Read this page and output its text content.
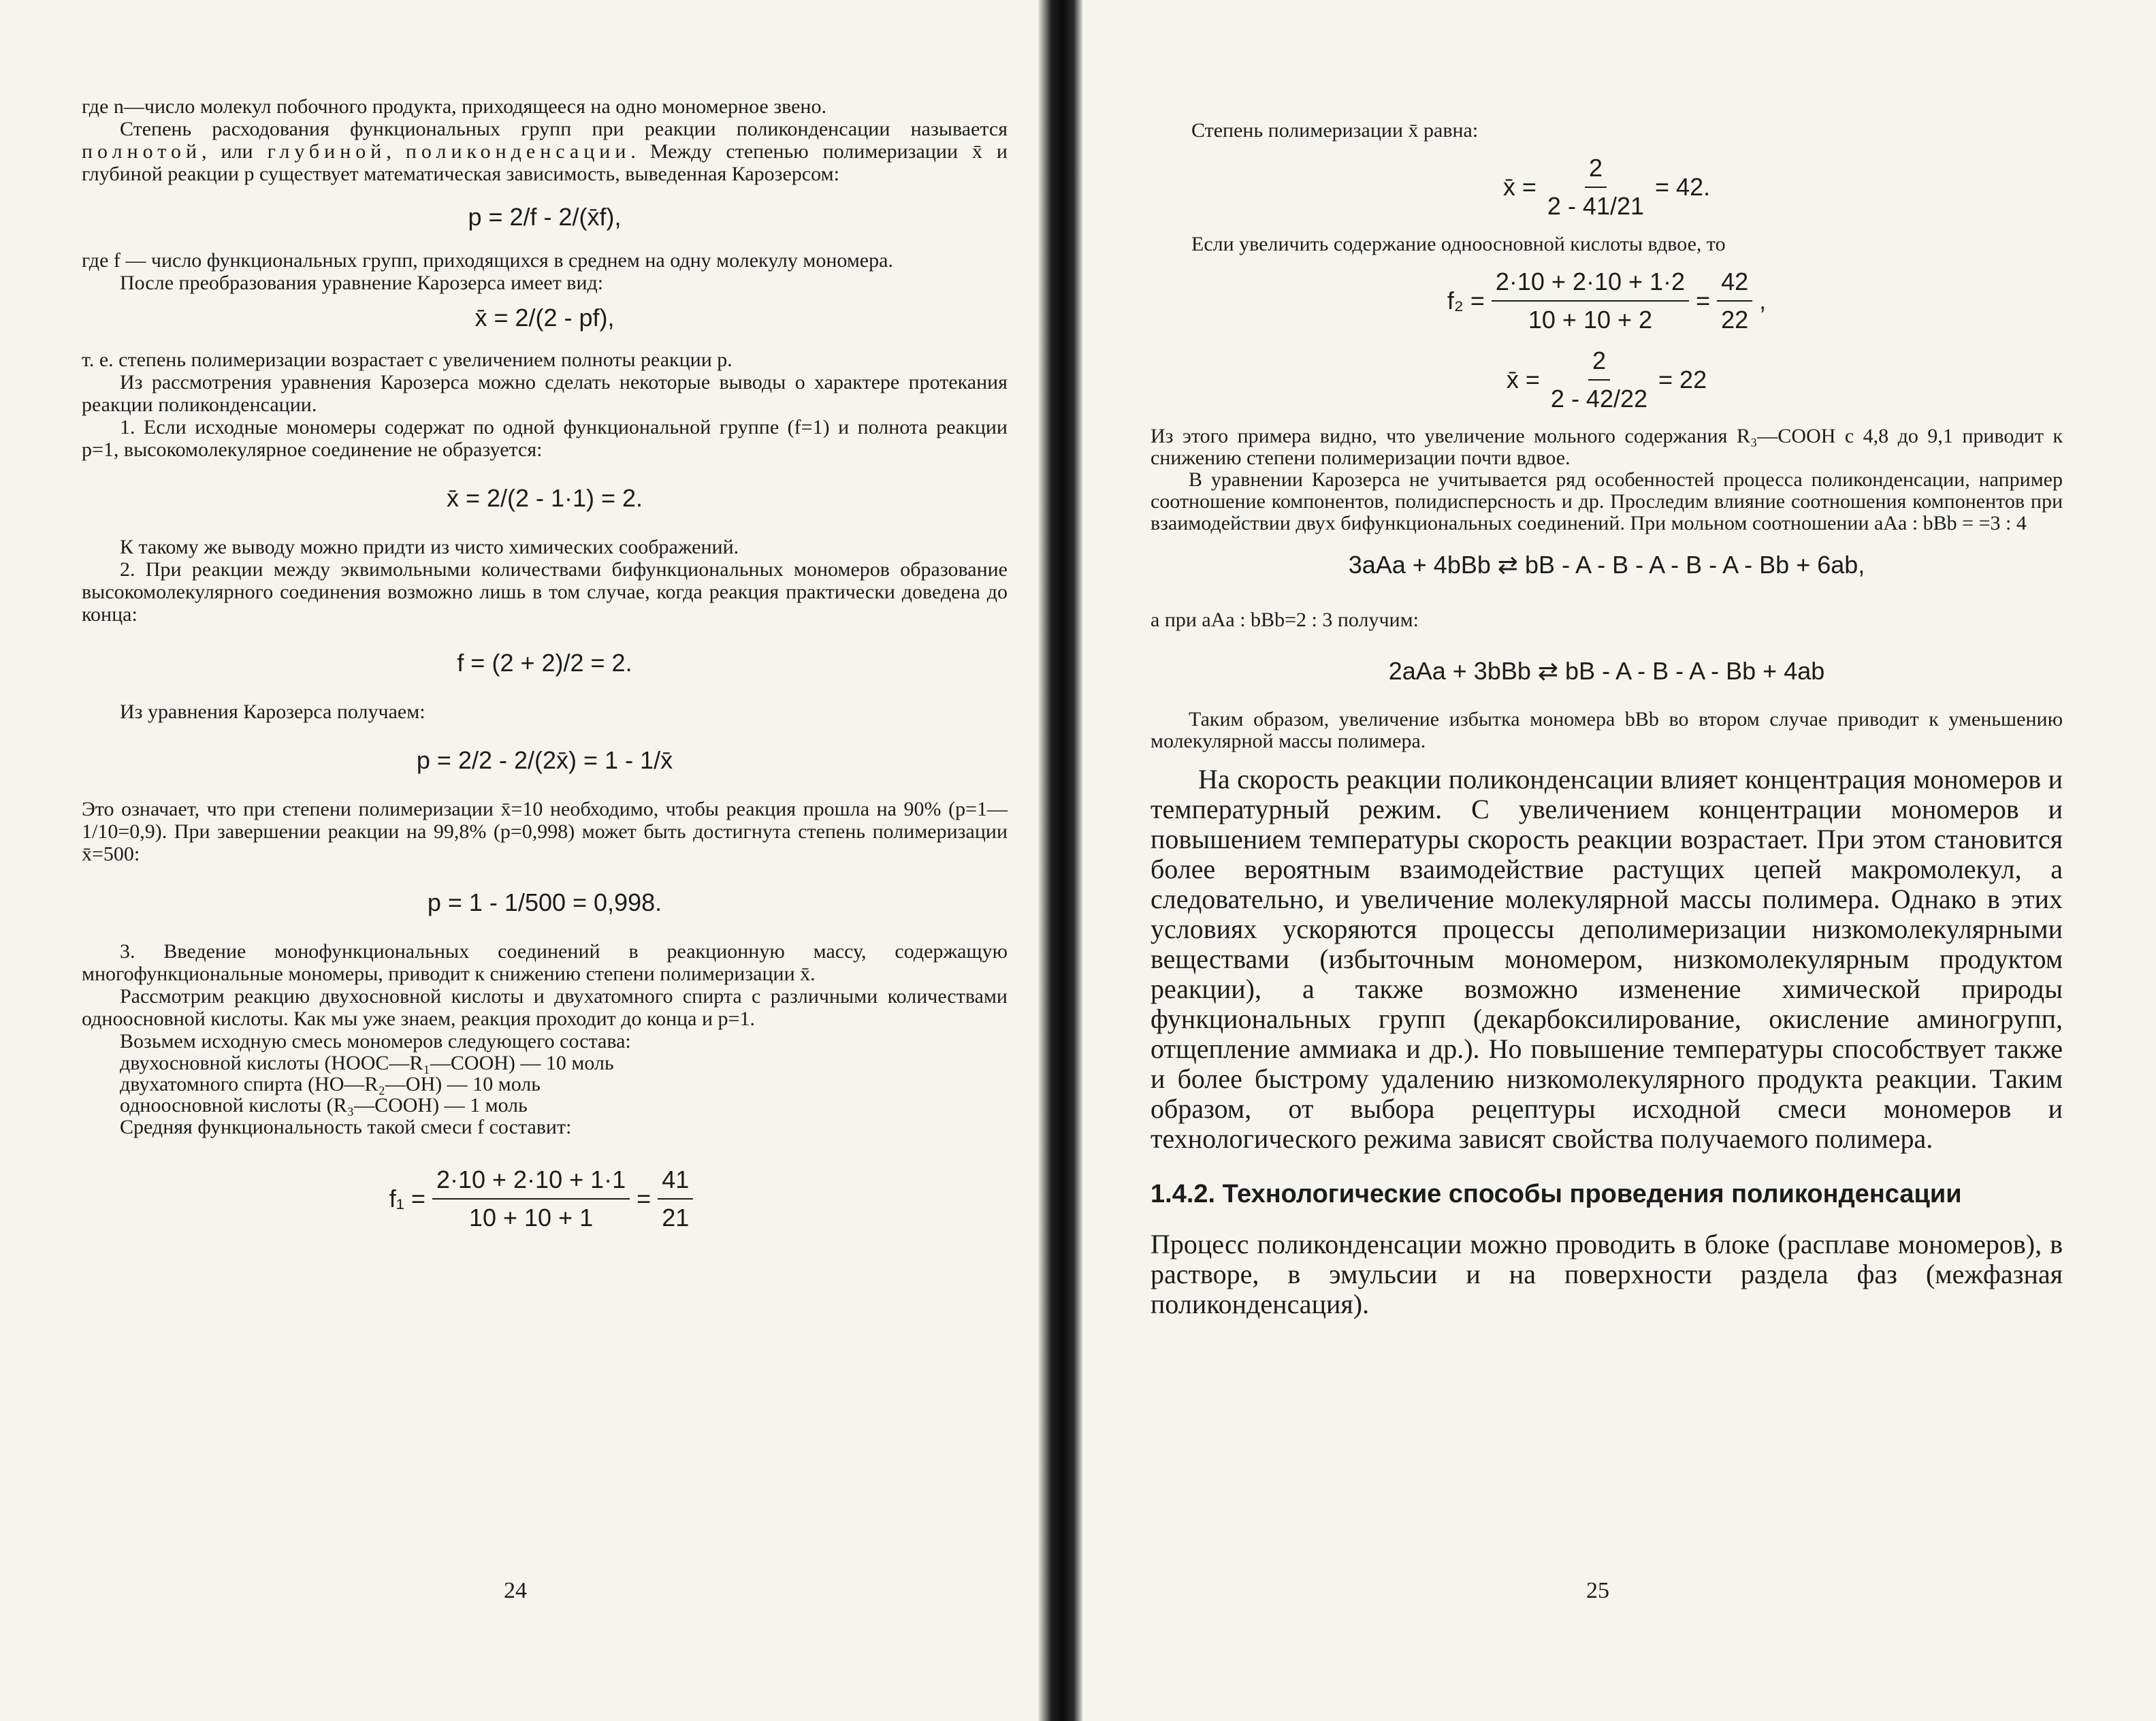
где n—число молекул побочного продукта, приходящееся на одно мономерное звено.

Степень расходования функциональных групп при реакции поликонденсации называется полнотой, или глубиной, поликонденсации. Между степенью полимеризации x̄ и глубиной реакции p существует математическая зависимость, выведенная Карозерсом:

p = 2/f - 2/(x̄f),

где f — число функциональных групп, приходящихся в среднем на одну молекулу мономера.

После преобразования уравнение Карозерса имеет вид:

x̄ = 2/(2 - pf),

т. е. степень полимеризации возрастает с увеличением полноты реакции p.

Из рассмотрения уравнения Карозерса можно сделать некоторые выводы о характере протекания реакции поликонденсации.

1. Если исходные мономеры содержат по одной функциональной группе (f=1) и полнота реакции p=1, высокомолекулярное соединение не образуется:

x̄ = 2/(2 - 1·1) = 2.

К такому же выводу можно придти из чисто химических соображений.

2. При реакции между эквимольными количествами бифункциональных мономеров образование высокомолекулярного соединения возможно лишь в том случае, когда реакция практически доведена до конца:

f = (2 + 2)/2 = 2.

Из уравнения Карозерса получаем:

p = 2/2 - 2/(2x̄) = 1 - 1/x̄

Это означает, что при степени полимеризации x̄=10 необходимо, чтобы реакция прошла на 90% (p=1—1/10=0,9). При завершении реакции на 99,8% (p=0,998) может быть достигнута степень полимеризации x̄=500:

p = 1 - 1/500 = 0,998.

3. Введение монофункциональных соединений в реакционную массу, содержащую многофункциональные мономеры, приводит к снижению степени полимеризации x̄.

Рассмотрим реакцию двухосновной кислоты и двухатомного спирта с различными количествами одноосновной кислоты. Как мы уже знаем, реакция проходит до конца и p=1.

Возьмем исходную смесь мономеров следующего состава:

двухосновной кислоты (HOOC—R₁—COOH) — 10 моль
двухатомного спирта (HO—R₂—OH) — 10 моль
одноосновной кислоты (R₃—COOH) — 1 моль

Средняя функциональность такой смеси f составит:

$f_1 = \frac{2\cdot 10 + 2\cdot 10 + 1\cdot 1}{10 + 10 + 1} = \frac{41}{21}$
24

Степень полимеризации x̄ равна:

x̄ = $\frac{2}{2 - 41/21} = 42$.

Если увеличить содержание одноосновной кислоты вдвое, то

$f_2 = \frac{2\cdot 10 + 2\cdot 10 + 1\cdot 2}{10 + 10 + 2} = \frac{42}{22}$ ,
x̄ = $\frac{2}{2 - 42/22} = 22$

Из этого примера видно, что увеличение мольного содержания R₃—COOH с 4,8 до 9,1 приводит к снижению степени полимеризации почти вдвое.

В уравнении Карозерса не учитывается ряд особенностей процесса поликонденсации, например соотношение компонентов, полидисперсность и др. Проследим влияние соотношения компонентов при взаимодействии двух бифункциональных соединений. При мольном соотношении aAa : bBb = =3 : 4

3aAa + 4bBb ⇄ bB - A - B - A - B - A - Bb + 6ab,

а при aAa : bBb=2 : 3 получим:

2aAa + 3bBb ⇄ bB - A - B - A - Bb + 4ab

Таким образом, увеличение избытка мономера bBb во втором случае приводит к уменьшению молекулярной массы полимера.

На скорость реакции поликонденсации влияет концентрация мономеров и температурный режим. С увеличением концентрации мономеров и повышением температуры скорость реакции возрастает. При этом становится более вероятным взаимодействие растущих цепей макромолекул, а следовательно, и увеличение молекулярной массы полимера. Однако в этих условиях ускоряются процессы деполимеризации низкомолекулярными веществами (избыточным мономером, низкомолекулярным продуктом реакции), а также возможно изменение химической природы функциональных групп (декарбоксилирование, окисление аминогрупп, отщепление аммиака и др.). Но повышение температуры способствует также и более быстрому удалению низкомолекулярного продукта реакции. Таким образом, от выбора рецептуры исходной смеси мономеров и технологического режима зависят свойства получаемого полимера.

1.4.2. Технологические способы проведения поликонденсации

Процесс поликонденсации можно проводить в блоке (расплаве мономеров), в растворе, в эмульсии и на поверхности раздела фаз (межфазная поликонденсация).

25
